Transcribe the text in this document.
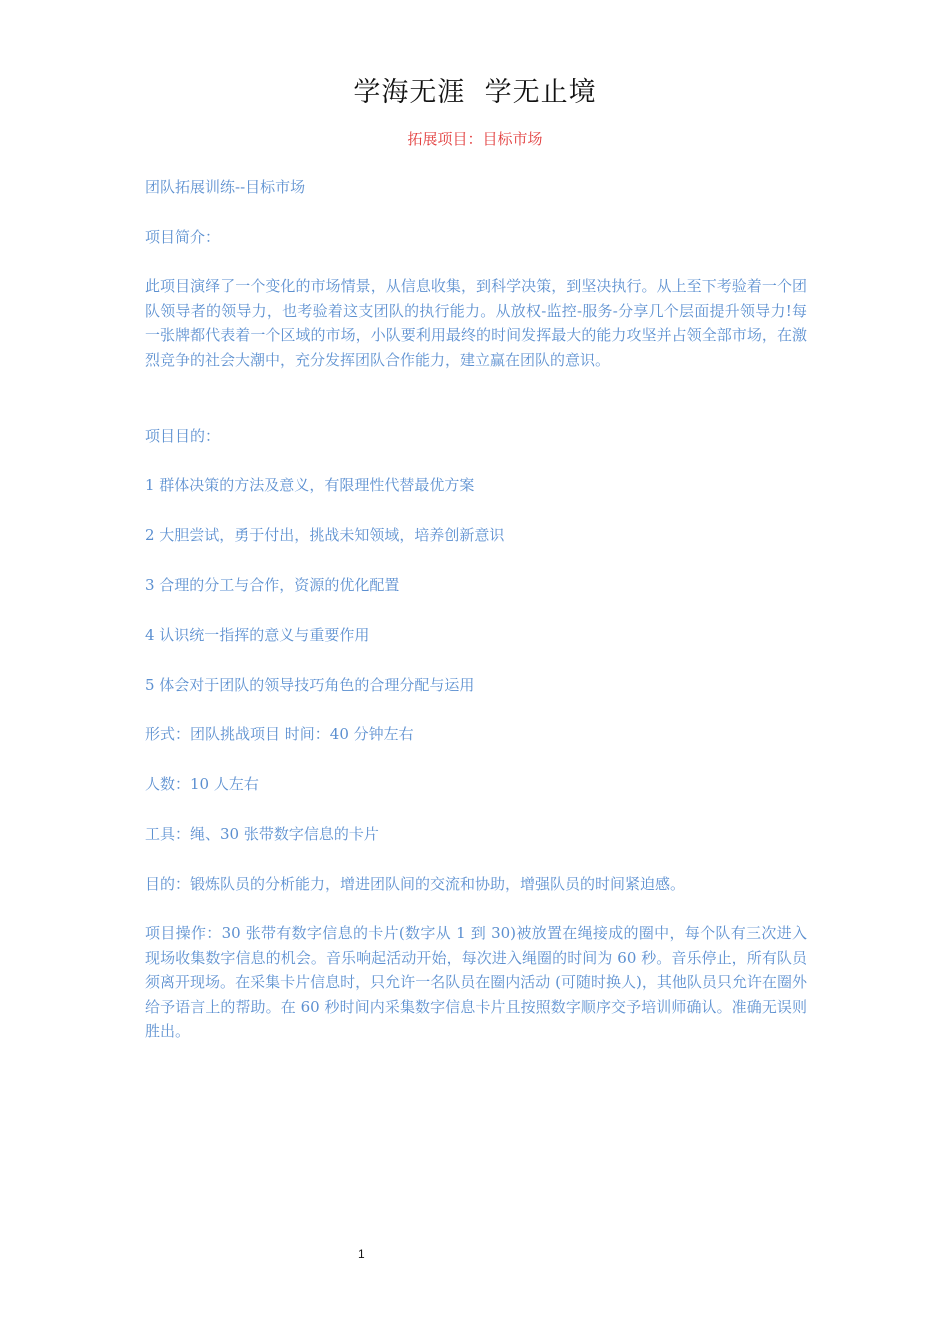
学海无涯  学无止境
拓展项目：目标市场
团队拓展训练--目标市场
项目简介：
此项目演绎了一个变化的市场情景，从信息收集，到科学决策，到坚决执行。从上至下考验着一个团队领导者的领导力，也考验着这支团队的执行能力。从放权-监控-服务-分享几个层面提升领导力!每一张牌都代表着一个区域的市场，小队要利用最终的时间发挥最大的能力攻坚并占领全部市场，在激烈竞争的社会大潮中，充分发挥团队合作能力，建立赢在团队的意识。
项目目的：
1 群体决策的方法及意义，有限理性代替最优方案
2 大胆尝试，勇于付出，挑战未知领域，培养创新意识
3 合理的分工与合作，资源的优化配置
4 认识统一指挥的意义与重要作用
5 体会对于团队的领导技巧角色的合理分配与运用
形式：团队挑战项目 时间：40 分钟左右
人数：10 人左右
工具：绳、30 张带数字信息的卡片
目的：锻炼队员的分析能力，增进团队间的交流和协助，增强队员的时间紧迫感。
项目操作：30 张带有数字信息的卡片(数字从 1 到 30)被放置在绳接成的圈中，每个队有三次进入现场收集数字信息的机会。音乐响起活动开始，每次进入绳圈的时间为 60 秒。音乐停止，所有队员须离开现场。在采集卡片信息时，只允许一名队员在圈内活动 (可随时换人)，其他队员只允许在圈外给予语言上的帮助。在 60 秒时间内采集数字信息卡片且按照数字顺序交予培训师确认。准确无误则胜出。
1
